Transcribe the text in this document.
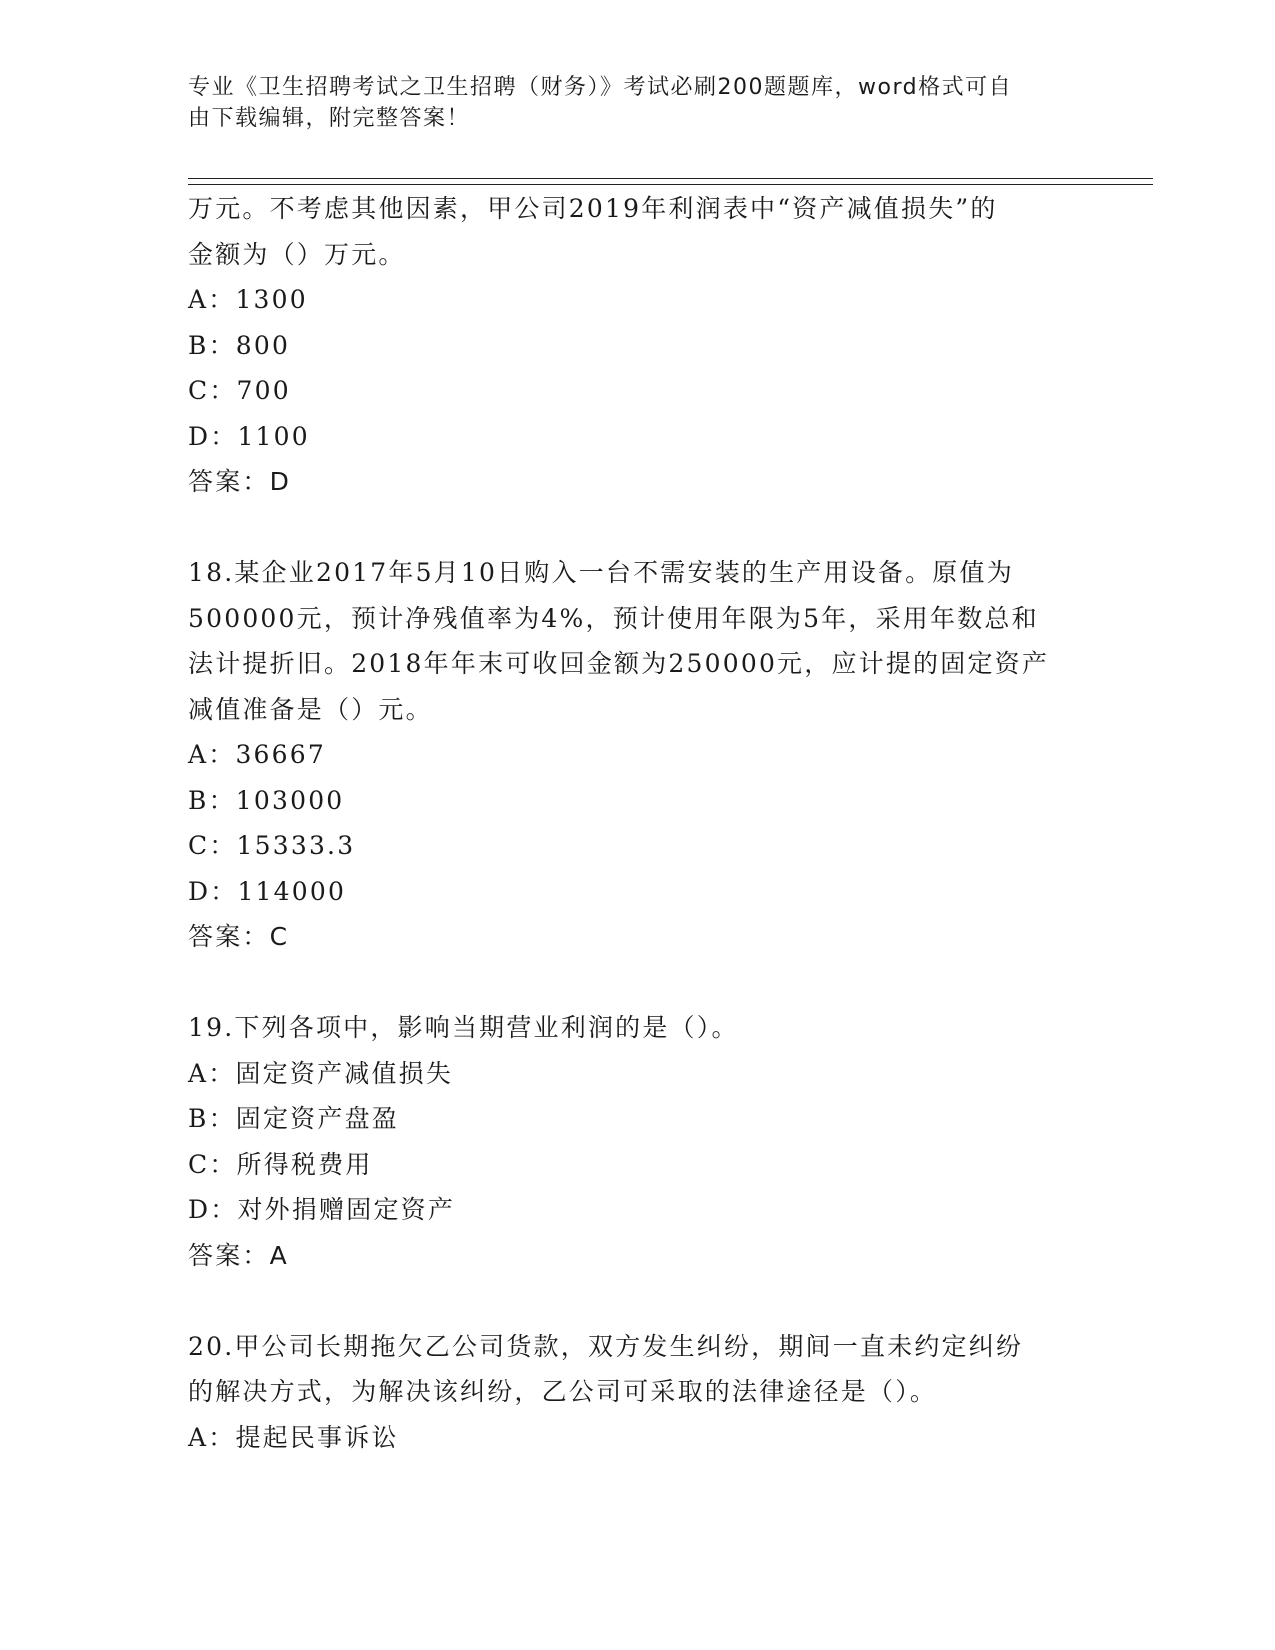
专业《卫生招聘考试之卫生招聘（财务）》考试必刷200题题库，word格式可自
由下载编辑，附完整答案！

万元。不考虑其他因素，甲公司2019年利润表中“资产减值损失”的

金额为（）万元。

A：1300

B：800

C：700

D：1100

答案：D

18.某企业2017年5月10日购入一台不需安装的生产用设备。原值为

500000元，预计净残值率为4%，预计使用年限为5年，采用年数总和

法计提折旧。2018年年末可收回金额为250000元，应计提的固定资产

减值准备是（）元。

A：36667

B：103000

C：15333.3

D：114000

答案：C

19.下列各项中，影响当期营业利润的是（）。

A：固定资产减值损失

B：固定资产盘盈

C：所得税费用

D：对外捐赠固定资产

答案：A

20.甲公司长期拖欠乙公司货款，双方发生纠纷，期间一直未约定纠纷

的解决方式，为解决该纠纷，乙公司可采取的法律途径是（）。

A：提起民事诉讼
